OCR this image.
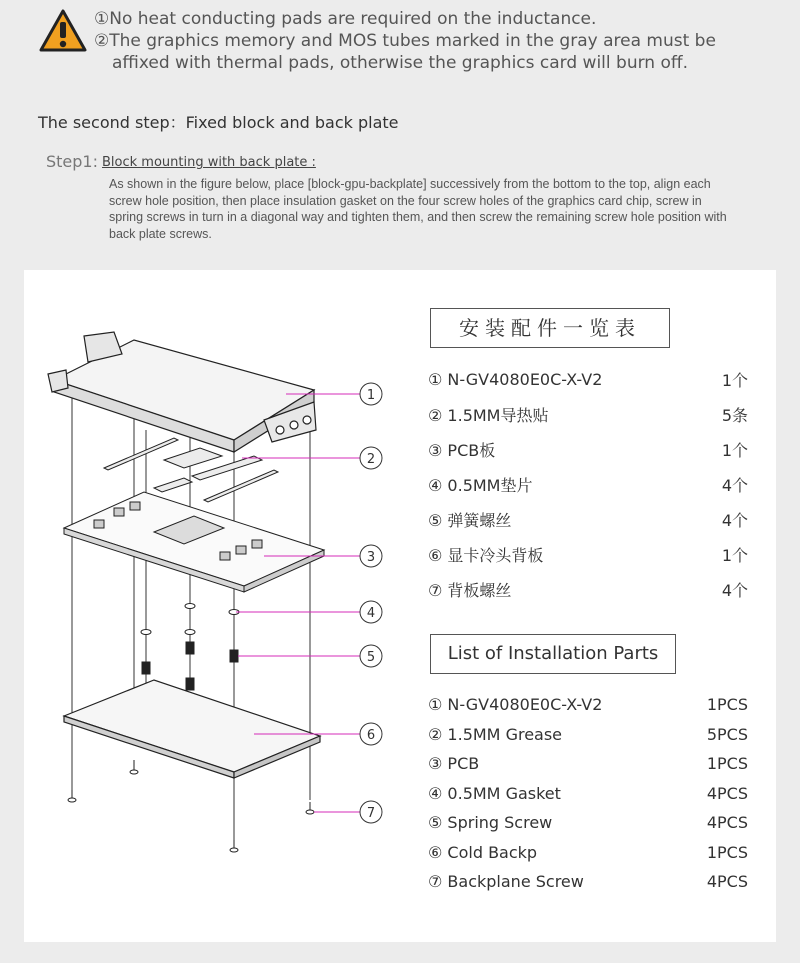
①No heat conducting pads are required on the inductance.
②The graphics memory and MOS tubes marked in the gray area must be
affixed with thermal pads, otherwise the graphics card will burn off.
The second step：Fixed block and back plate
Step1: Block mounting with back plate :
As shown in the figure below, place [block-gpu-backplate] successively from the bottom to the top, align each screw hole position, then place insulation gasket on the four screw holes of the graphics card chip, screw in spring screws in turn in a diagonal way and tighten them, and then screw the remaining screw hole position with back plate screws.
1
2
3
4
5
6
7
安装配件一览表
① N-GV4080E0C-X-V2	1个
② 1.5MM导热贴	5条
③ PCB板	1个
④ 0.5MM垫片	4个
⑤ 弹簧螺丝	4个
⑥ 显卡冷头背板	1个
⑦ 背板螺丝	4个
List of Installation Parts
① N-GV4080E0C-X-V2	1PCS
② 1.5MM Grease	5PCS
③ PCB	1PCS
④ 0.5MM Gasket	4PCS
⑤ Spring Screw	4PCS
⑥ Cold Backp	1PCS
⑦ Backplane Screw	4PCS
